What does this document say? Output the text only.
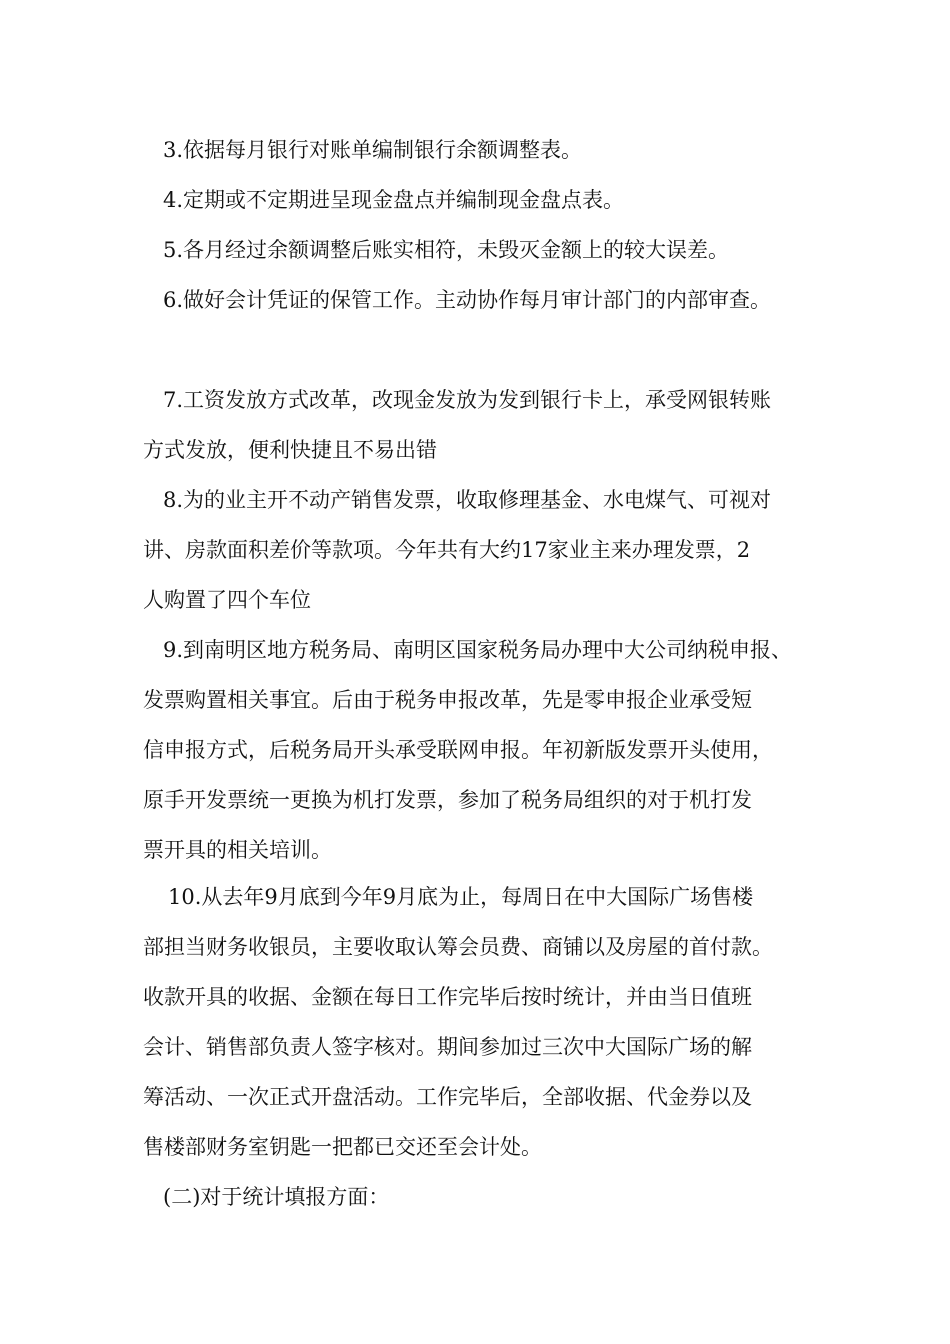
3.依据每月银行对账单编制银行余额调整表。

4.定期或不定期进呈现金盘点并编制现金盘点表。

5.各月经过余额调整后账实相符，未毁灭金额上的较大误差。

6.做好会计凭证的保管工作。主动协作每月审计部门的内部审查。

7.工资发放方式改革，改现金发放为发到银行卡上，承受网银转账
方式发放，便利快捷且不易出错

8.为的业主开不动产销售发票，收取修理基金、水电煤气、可视对
讲、房款面积差价等款项。今年共有大约17家业主来办理发票，2
人购置了四个车位

9.到南明区地方税务局、南明区国家税务局办理中大公司纳税申报、
发票购置相关事宜。后由于税务申报改革，先是零申报企业承受短
信申报方式，后税务局开头承受联网申报。年初新版发票开头使用，
原手开发票统一更换为机打发票，参加了税务局组织的对于机打发
票开具的相关培训。

10.从去年9月底到今年9月底为止，每周日在中大国际广场售楼
部担当财务收银员，主要收取认筹会员费、商铺以及房屋的首付款。
收款开具的收据、金额在每日工作完毕后按时统计，并由当日值班
会计、销售部负责人签字核对。期间参加过三次中大国际广场的解
筹活动、一次正式开盘活动。工作完毕后，全部收据、代金券以及
售楼部财务室钥匙一把都已交还至会计处。

(二)对于统计填报方面：
